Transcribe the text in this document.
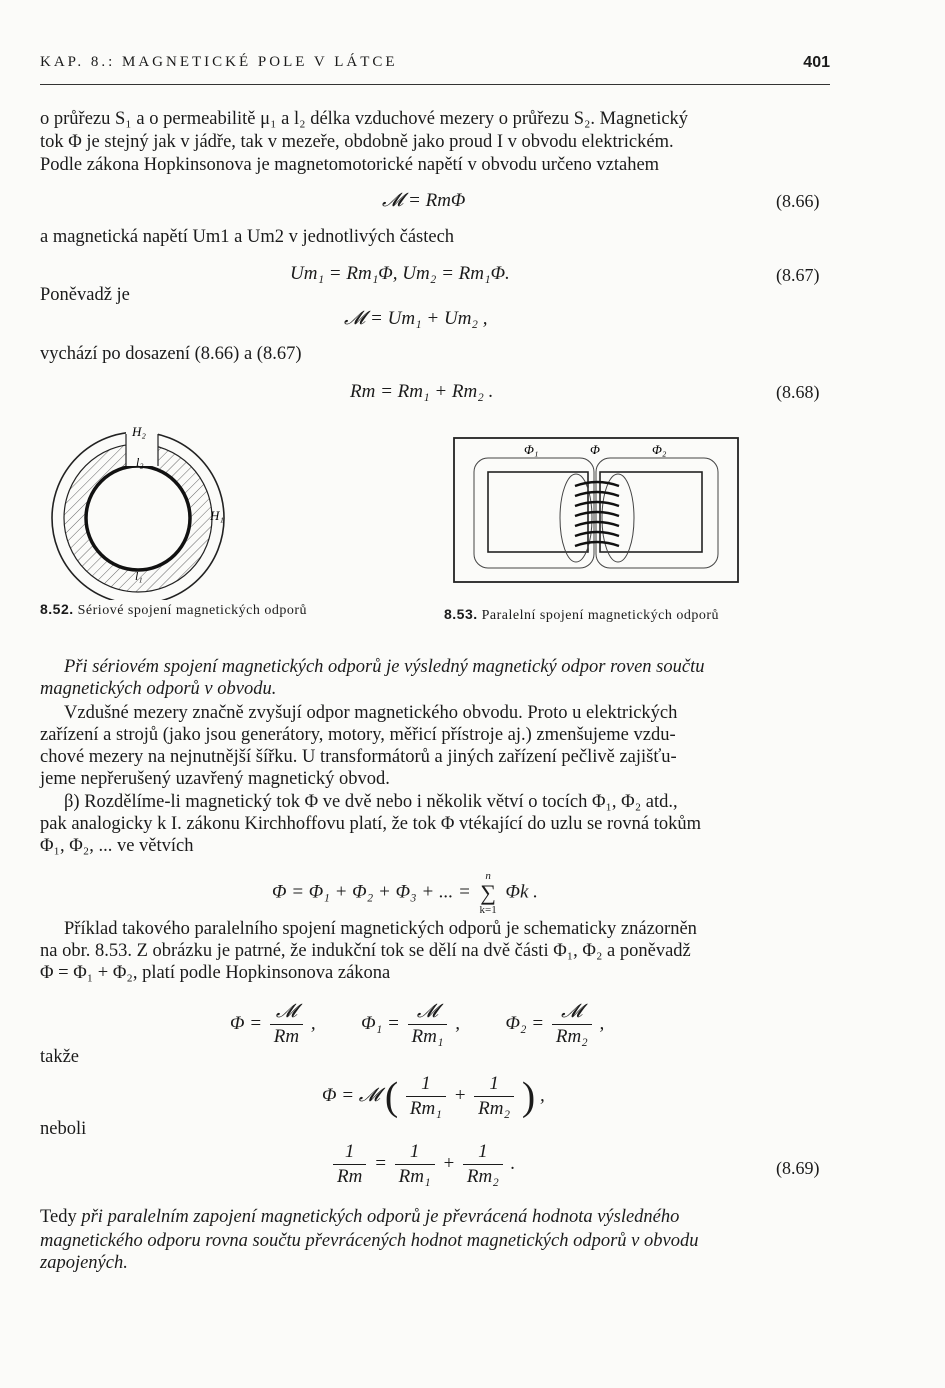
KAP. 8.: MAGNETICKÉ POLE V LÁTCE	401
o průřezu S₁ a o permeabilitě μ₁ a l₂ délka vzduchové mezery o průřezu S₂. Magnetický
tok Φ je stejný jak v jádře, tak v mezeře, obdobně jako proud I v obvodu elektrickém.
Podle zákona Hopkinsonova je magnetomotorické napětí v obvodu určeno vztahem
𝓜 = RmΦ	(8.66)
a magnetická napětí Um1 a Um2 v jednotlivých částech
Um₁ = Rm₁Φ, Um₂ = Rm₁Φ.	(8.67)
Poněvadž je
𝓜 = Um₁ + Um₂ ,
vychází po dosazení (8.66) a (8.67)
Rm = Rm₁ + Rm₂ .	(8.68)
H₂
l₂
H₁
l₁
8.52. Sériové spojení magnetických odporů
Φ₁	Φ	Φ₂
8.53. Paralelní spojení magnetických odporů
Při sériovém spojení magnetických odporů je výsledný magnetický odpor roven součtu
magnetických odporů v obvodu.
Vzdušné mezery značně zvyšují odpor magnetického obvodu. Proto u elektrických
zařízení a strojů (jako jsou generátory, motory, měřicí přístroje aj.) zmenšujeme vzdu-
chové mezery na nejnutnější šířku. U transformátorů a jiných zařízení pečlivě zajišťu-
jeme nepřerušený uzavřený magnetický obvod.
β) Rozdělíme-li magnetický tok Φ ve dvě nebo i několik větví o tocích Φ₁, Φ₂ atd.,
pak analogicky k I. zákonu Kirchhoffovu platí, že tok Φ vtékající do uzlu se rovná tokům
Φ₁, Φ₂, ... ve větvích
Φ = Φ₁ + Φ₂ + Φ₃ + ... =
n
∑
k=1
Φk .
Příklad takového paralelního spojení magnetických odporů je schematicky znázorněn
na obr. 8.53. Z obrázku je patrné, že indukční tok se dělí na dvě části Φ₁, Φ₂ a poněvadž
Φ = Φ₁ + Φ₂, platí podle Hopkinsonova zákona
$\Phi = \frac{\text{𝓜}}{Rm}$ , $\Phi_1 = \frac{\text{𝓜}}{\text{Rm₁}}$ , $\Phi_2 = \frac{\text{𝓜}}{\text{Rm₂}}$ ,
takže
Φ = 𝓜 ( $\frac{1}{\text{Rm₁}} + \frac{1}{\text{Rm₂}}$ ) ,
neboli
$\frac{1}{Rm} = \frac{1}{\text{Rm₁}} + \frac{1}{\text{Rm₂}}$ .	(8.69)
Tedy při paralelním zapojení magnetických odporů je převrácená hodnota výsledného
magnetického odporu rovna součtu převrácených hodnot magnetických odporů v obvodu
zapojených.
